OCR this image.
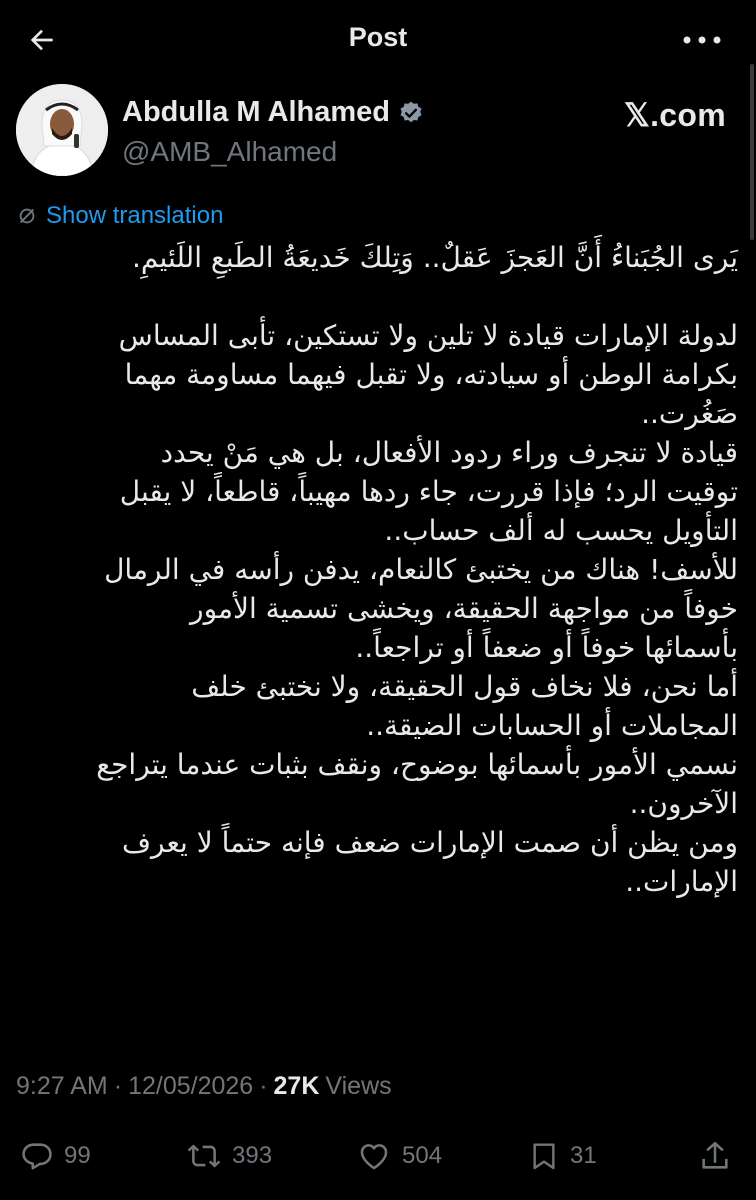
Post
Abdulla M Alhamed
@AMB_Alhamed
𝕏.com
Show translation
يَرى الجُبَناءُ أَنَّ العَجزَ عَقلٌ.. وَتِلكَ خَديعَةُ الطَبعِ اللَئيمِ.
لدولة الإمارات قيادة لا تلين ولا تستكين، تأبى المساس
بكرامة الوطن أو سيادته، ولا تقبل فيهما مساومة مهما
صَغُرت..
قيادة لا تنجرف وراء ردود الأفعال، بل هي مَنْ يحدد
توقيت الرد؛ فإذا قررت، جاء ردها مهيباً، قاطعاً، لا يقبل
التأويل يحسب له ألف حساب..
للأسف! هناك من يختبئ كالنعام، يدفن رأسه في الرمال
خوفاً من مواجهة الحقيقة، ويخشى تسمية الأمور
بأسمائها خوفاً أو ضعفاً أو تراجعاً..
أما نحن، فلا نخاف قول الحقيقة، ولا نختبئ خلف
المجاملات أو الحسابات الضيقة..
نسمي الأمور بأسمائها بوضوح، ونقف بثبات عندما يتراجع
الآخرون..
ومن يظن أن صمت الإمارات ضعف فإنه حتماً لا يعرف
الإمارات..
9:27 AM · 12/05/2026 · 27K Views
99	393	504	31
